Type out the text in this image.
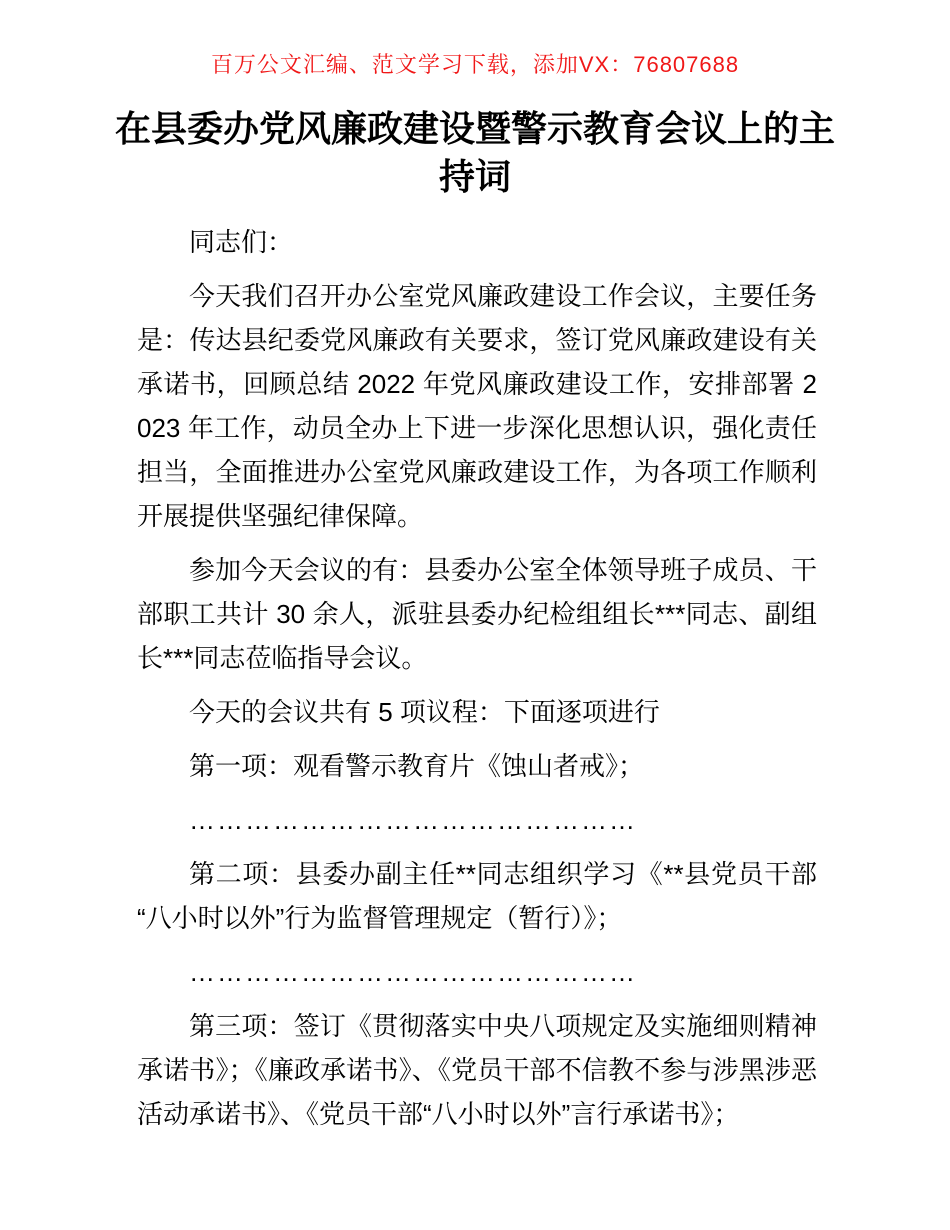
百万公文汇编、范文学习下载，添加VX：76807688
在县委办党风廉政建设暨警示教育会议上的主持词

同志们：

今天我们召开办公室党风廉政建设工作会议，主要任务是：传达县纪委党风廉政有关要求，签订党风廉政建设有关承诺书，回顾总结 2022 年党风廉政建设工作，安排部署 2023 年工作，动员全办上下进一步深化思想认识，强化责任担当，全面推进办公室党风廉政建设工作，为各项工作顺利开展提供坚强纪律保障。

参加今天会议的有：县委办公室全体领导班子成员、干部职工共计 30 余人，派驻县委办纪检组组长***同志、副组长***同志莅临指导会议。

今天的会议共有 5 项议程：下面逐项进行

第一项：观看警示教育片《蚀山者戒》；

…………………………………………

第二项：县委办副主任**同志组织学习《**县党员干部“八小时以外”行为监督管理规定（暂行）》；

…………………………………………

第三项：签订《贯彻落实中央八项规定及实施细则精神承诺书》；《廉政承诺书》、《党员干部不信教不参与涉黑涉恶活动承诺书》、《党员干部“八小时以外”言行承诺书》；
